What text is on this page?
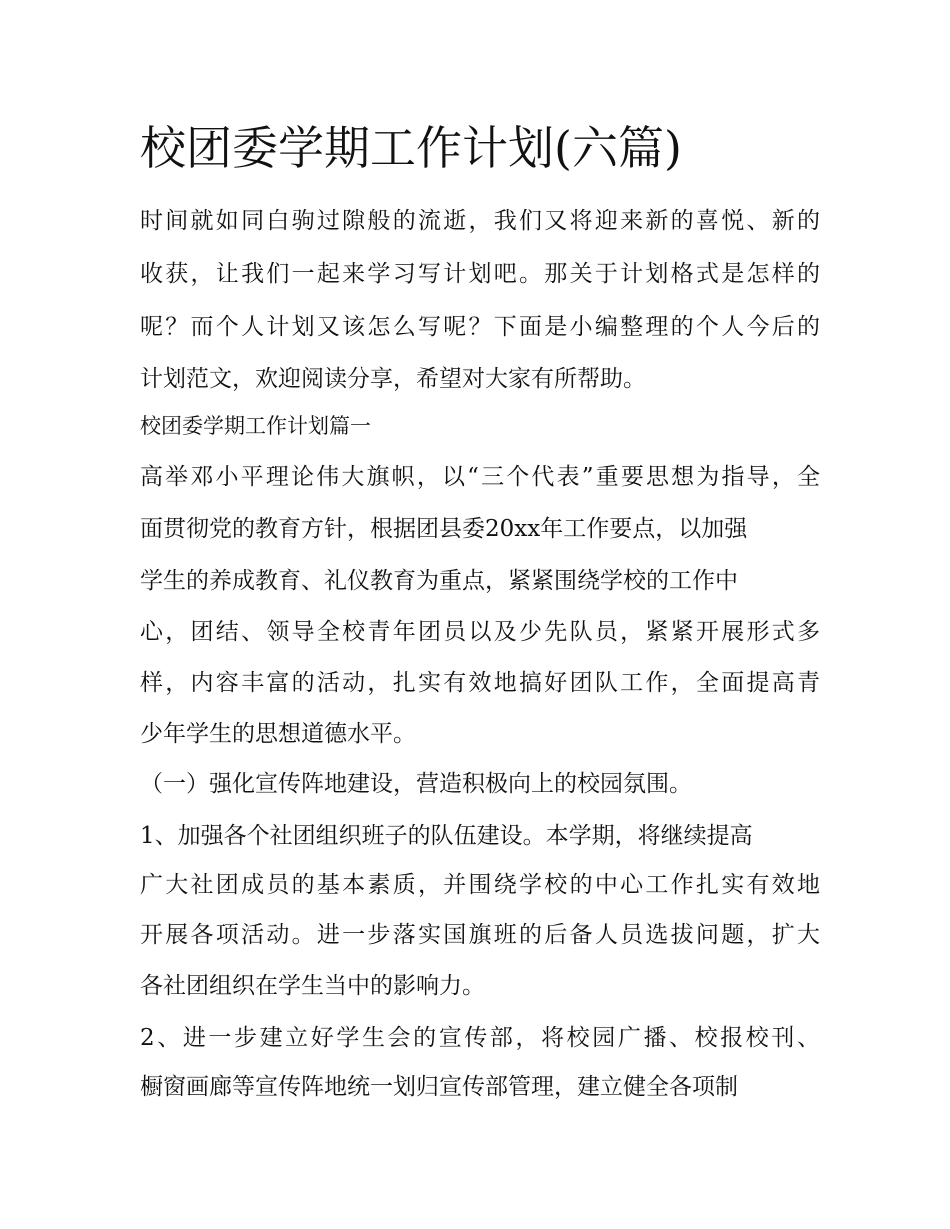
校团委学期工作计划(六篇)
时间就如同白驹过隙般的流逝，我们又将迎来新的喜悦、新的
收获，让我们一起来学习写计划吧。那关于计划格式是怎样的
呢？而个人计划又该怎么写呢？下面是小编整理的个人今后的
计划范文，欢迎阅读分享，希望对大家有所帮助。
校团委学期工作计划篇一
高举邓小平理论伟大旗帜，以“三个代表”重要思想为指导，全
面贯彻党的教育方针，根据团县委20xx年工作要点，以加强
学生的养成教育、礼仪教育为重点，紧紧围绕学校的工作中
心，团结、领导全校青年团员以及少先队员，紧紧开展形式多
样，内容丰富的活动，扎实有效地搞好团队工作，全面提高青
少年学生的思想道德水平。
（一）强化宣传阵地建设，营造积极向上的校园氛围。
1、加强各个社团组织班子的队伍建设。本学期，将继续提高
广大社团成员的基本素质，并围绕学校的中心工作扎实有效地
开展各项活动。进一步落实国旗班的后备人员选拔问题，扩大
各社团组织在学生当中的影响力。
2、进一步建立好学生会的宣传部，将校园广播、校报校刊、
橱窗画廊等宣传阵地统一划归宣传部管理，建立健全各项制
